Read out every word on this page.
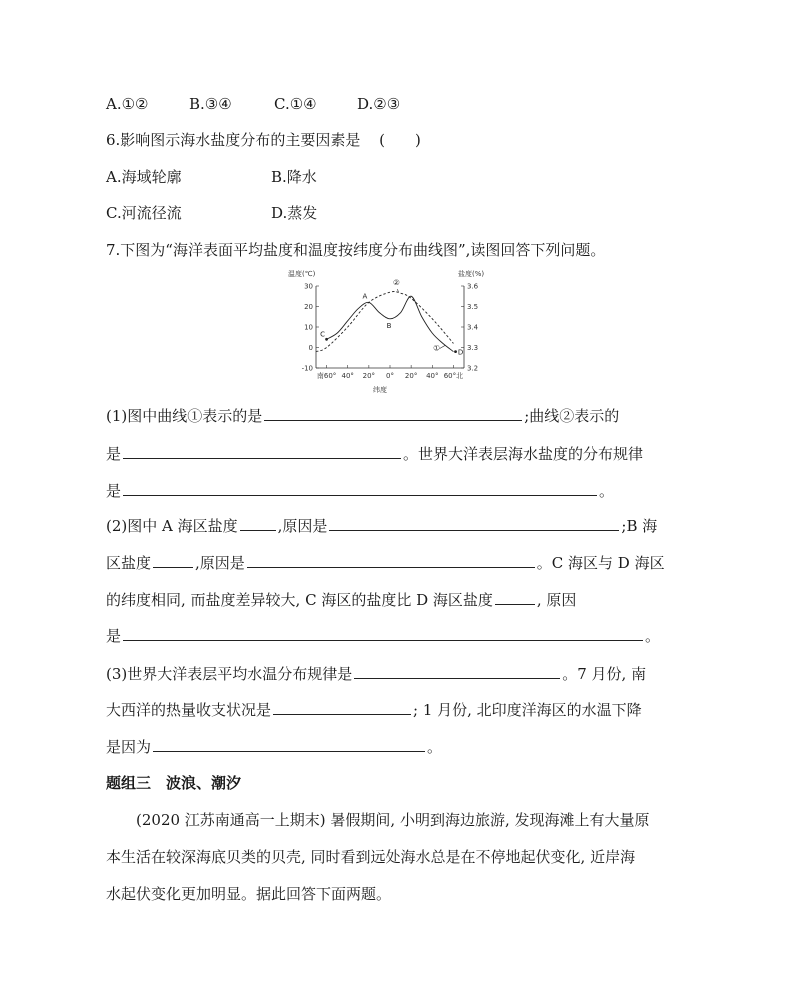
A.①②	B.③④	C.①④	D.②③
6.影响图示海水盐度分布的主要因素是 (　　)
A.海域轮廓	B.降水
C.河流径流	D.蒸发
7.下图为“海洋表面平均盐度和温度按纬度分布曲线图”,读图回答下列问题。
温度(℃)	盐度(%)
纬度
30
20
10
0
-10
3.6
3.5
3.4
3.3
3.2
南60° 40° 20° 0° 20° 40° 60°北
A
B
C
D
①
②
(1)图中曲线①表示的是	;曲线②表示的
是	。世界大洋表层海水盐度的分布规律
是	。
(2)图中 A 海区盐度	,原因是	;B 海
区盐度	,原因是	。C 海区与 D 海区
的纬度相同, 而盐度差异较大, C 海区的盐度比 D 海区盐度	, 原因
是	。
(3)世界大洋表层平均水温分布规律是	。7 月份, 南
大西洋的热量收支状况是	; 1 月份, 北印度洋海区的水温下降
是因为	。
题组三　波浪、潮汐
(2020 江苏南通高一上期末) 暑假期间, 小明到海边旅游, 发现海滩上有大量原
本生活在较深海底贝类的贝壳, 同时看到远处海水总是在不停地起伏变化, 近岸海
水起伏变化更加明显。据此回答下面两题。
